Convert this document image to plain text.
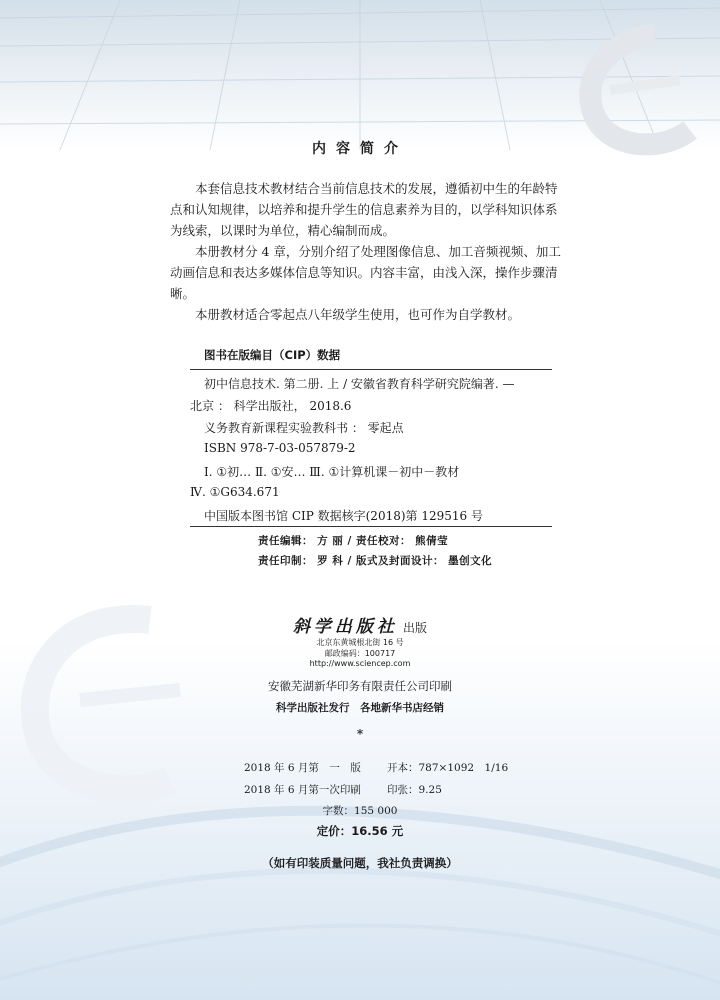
内容简介

本套信息技术教材结合当前信息技术的发展，遵循初中生的年龄特点和认知规律，以培养和提升学生的信息素养为目的，以学科知识体系为线索，以课时为单位，精心编制而成。

本册教材分 4 章，分别介绍了处理图像信息、加工音频视频、加工动画信息和表达多媒体信息等知识。内容丰富，由浅入深，操作步骤清晰。

本册教材适合零起点八年级学生使用，也可作为自学教材。

图书在版编目（CIP）数据
初中信息技术. 第二册. 上 / 安徽省教育科学研究院编著. —
北京 ： 科学出版社， 2018.6
义务教育新课程实验教科书 ： 零起点
ISBN 978-7-03-057879-2
Ⅰ. ①初… Ⅱ. ①安… Ⅲ. ①计算机课－初中－教材
Ⅳ. ①G634.671
中国版本图书馆 CIP 数据核字(2018)第 129516 号
责任编辑： 方 丽 / 责任校对： 熊倩莹
责任印制： 罗 科 / 版式及封面设计： 墨创文化
斜学出版社 出版
北京东黄城根北街 16 号
邮政编码：100717
http://www.sciencep.com
安徽芜湖新华印务有限责任公司印刷
科学出版社发行　各地新华书店经销
*
2018 年 6 月第　一　版 开本：787×1092　1/16
2018 年 6 月第一次印刷 印张：9.25
字数：155 000
定价：16.56 元
（如有印装质量问题，我社负责调换）
